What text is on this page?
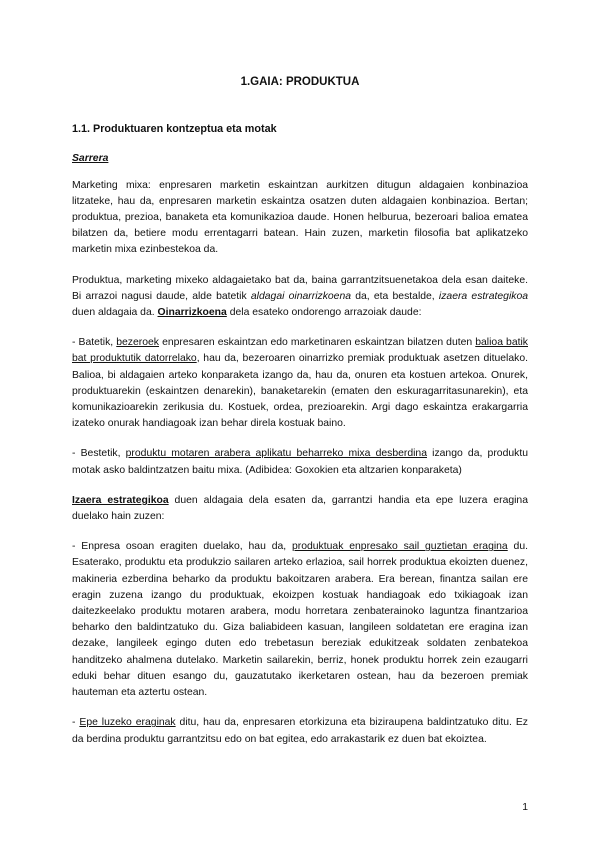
1.GAIA: PRODUKTUA
1.1. Produktuaren kontzeptua eta motak
Sarrera

Marketing mixa: enpresaren marketin eskaintzan aurkitzen ditugun aldagaien konbinazioa litzateke, hau da, enpresaren marketin eskaintza osatzen duten aldagaien konbinazioa. Bertan; produktua, prezioa, banaketa eta komunikazioa daude. Honen helburua, bezeroari balioa ematea bilatzen da, betiere modu errentagarri batean. Hain zuzen, marketin filosofia bat aplikatzeko marketin mixa ezinbestekoa da.

Produktua, marketing mixeko aldagaietako bat da, baina garrantzitsuenetakoa dela esan daiteke. Bi arrazoi nagusi daude, alde batetik aldagai oinarrizkoena da, eta bestalde, izaera estrategikoa duen aldagaia da. Oinarrizkoena dela esateko ondorengo arrazoiak daude:

- Batetik, bezeroek enpresaren eskaintzan edo marketinaren eskaintzan bilatzen duten balioa batik bat produktutik datorrelako, hau da, bezeroaren oinarrizko premiak produktuak asetzen dituelako. Balioa, bi aldagaien arteko konparaketa izango da, hau da, onuren eta kostuen artekoa. Onurek, produktuarekin (eskaintzen denarekin), banaketarekin (ematen den eskuragarritasunarekin), eta komunikazioarekin zerikusia du. Kostuek, ordea, prezioarekin. Argi dago eskaintza erakargarria izateko onurak handiagoak izan behar direla kostuak baino.

- Bestetik, produktu motaren arabera aplikatu beharreko mixa desberdina izango da, produktu motak asko baldintzatzen baitu mixa. (Adibidea: Goxokien eta altzarien konparaketa)

Izaera estrategikoa duen aldagaia dela esaten da, garrantzi handia eta epe luzera eragina duelako hain zuzen:

- Enpresa osoan eragiten duelako, hau da, produktuak enpresako sail guztietan eragina du. Esaterako, produktu eta produkzio sailaren arteko erlazioa, sail horrek produktua ekoizten duenez, makineria ezberdina beharko da produktu bakoitzaren arabera. Era berean, finantza sailan ere eragin zuzena izango du produktuak, ekoizpen kostuak handiagoak edo txikiagoak izan daitezkeelako produktu motaren arabera, modu horretara zenbaterainoko laguntza finantzarioa beharko den baldintzatuko du. Giza baliabideen kasuan, langileen soldatetan ere eragina izan dezake, langileek egingo duten edo trebetasun bereziak edukitzeak soldaten zenbatekoa handitzeko ahalmena dutelako. Marketin sailarekin, berriz, honek produktu horrek zein ezaugarri eduki behar dituen esango du, gauzatutako ikerketaren ostean, hau da bezeroen premiak hauteman eta aztertu ostean.

- Epe luzeko eraginak ditu, hau da, enpresaren etorkizuna eta biziraupena baldintzatuko ditu. Ez da berdina produktu garrantzitsu edo on bat egitea, edo arrakastarik ez duen bat ekoiztea.

1
